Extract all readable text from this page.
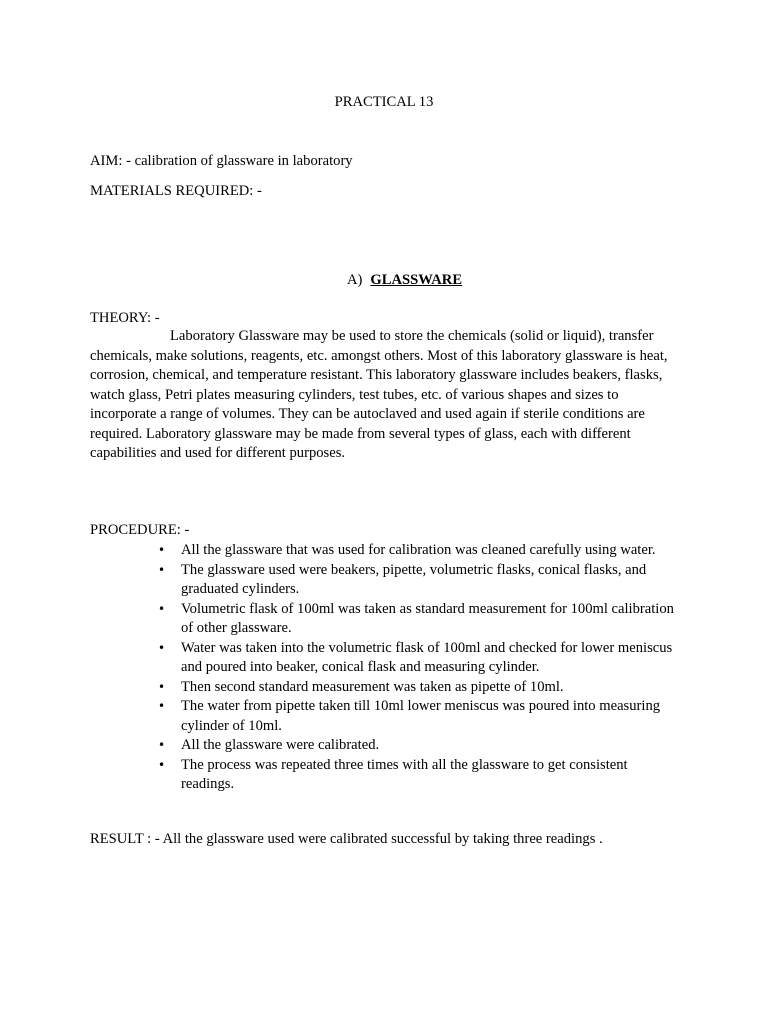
PRACTICAL 13
AIM: - calibration of glassware in laboratory
MATERIALS REQUIRED: -
A) GLASSWARE
THEORY: -
Laboratory Glassware may be used to store the chemicals (solid or liquid), transfer chemicals, make solutions, reagents, etc. amongst others. Most of this laboratory glassware is heat, corrosion, chemical, and temperature resistant. This laboratory glassware includes beakers, flasks, watch glass, Petri plates measuring cylinders, test tubes, etc. of various shapes and sizes to incorporate a range of volumes. They can be autoclaved and used again if sterile conditions are required. Laboratory glassware may be made from several types of glass, each with different capabilities and used for different purposes.
PROCEDURE: -
• All the glassware that was used for calibration was cleaned carefully using water.
• The glassware used were beakers, pipette, volumetric flasks, conical flasks, and graduated cylinders.
• Volumetric flask of 100ml was taken as standard measurement for 100ml calibration of other glassware.
• Water was taken into the volumetric flask of 100ml and checked for lower meniscus and poured into beaker, conical flask and measuring cylinder.
• Then second standard measurement was taken as pipette of 10ml.
• The water from pipette taken till 10ml lower meniscus was poured into measuring cylinder of 10ml.
• All the glassware were calibrated.
• The process was repeated three times with all the glassware to get consistent readings.
RESULT : - All the glassware used were calibrated successful by taking three readings .
